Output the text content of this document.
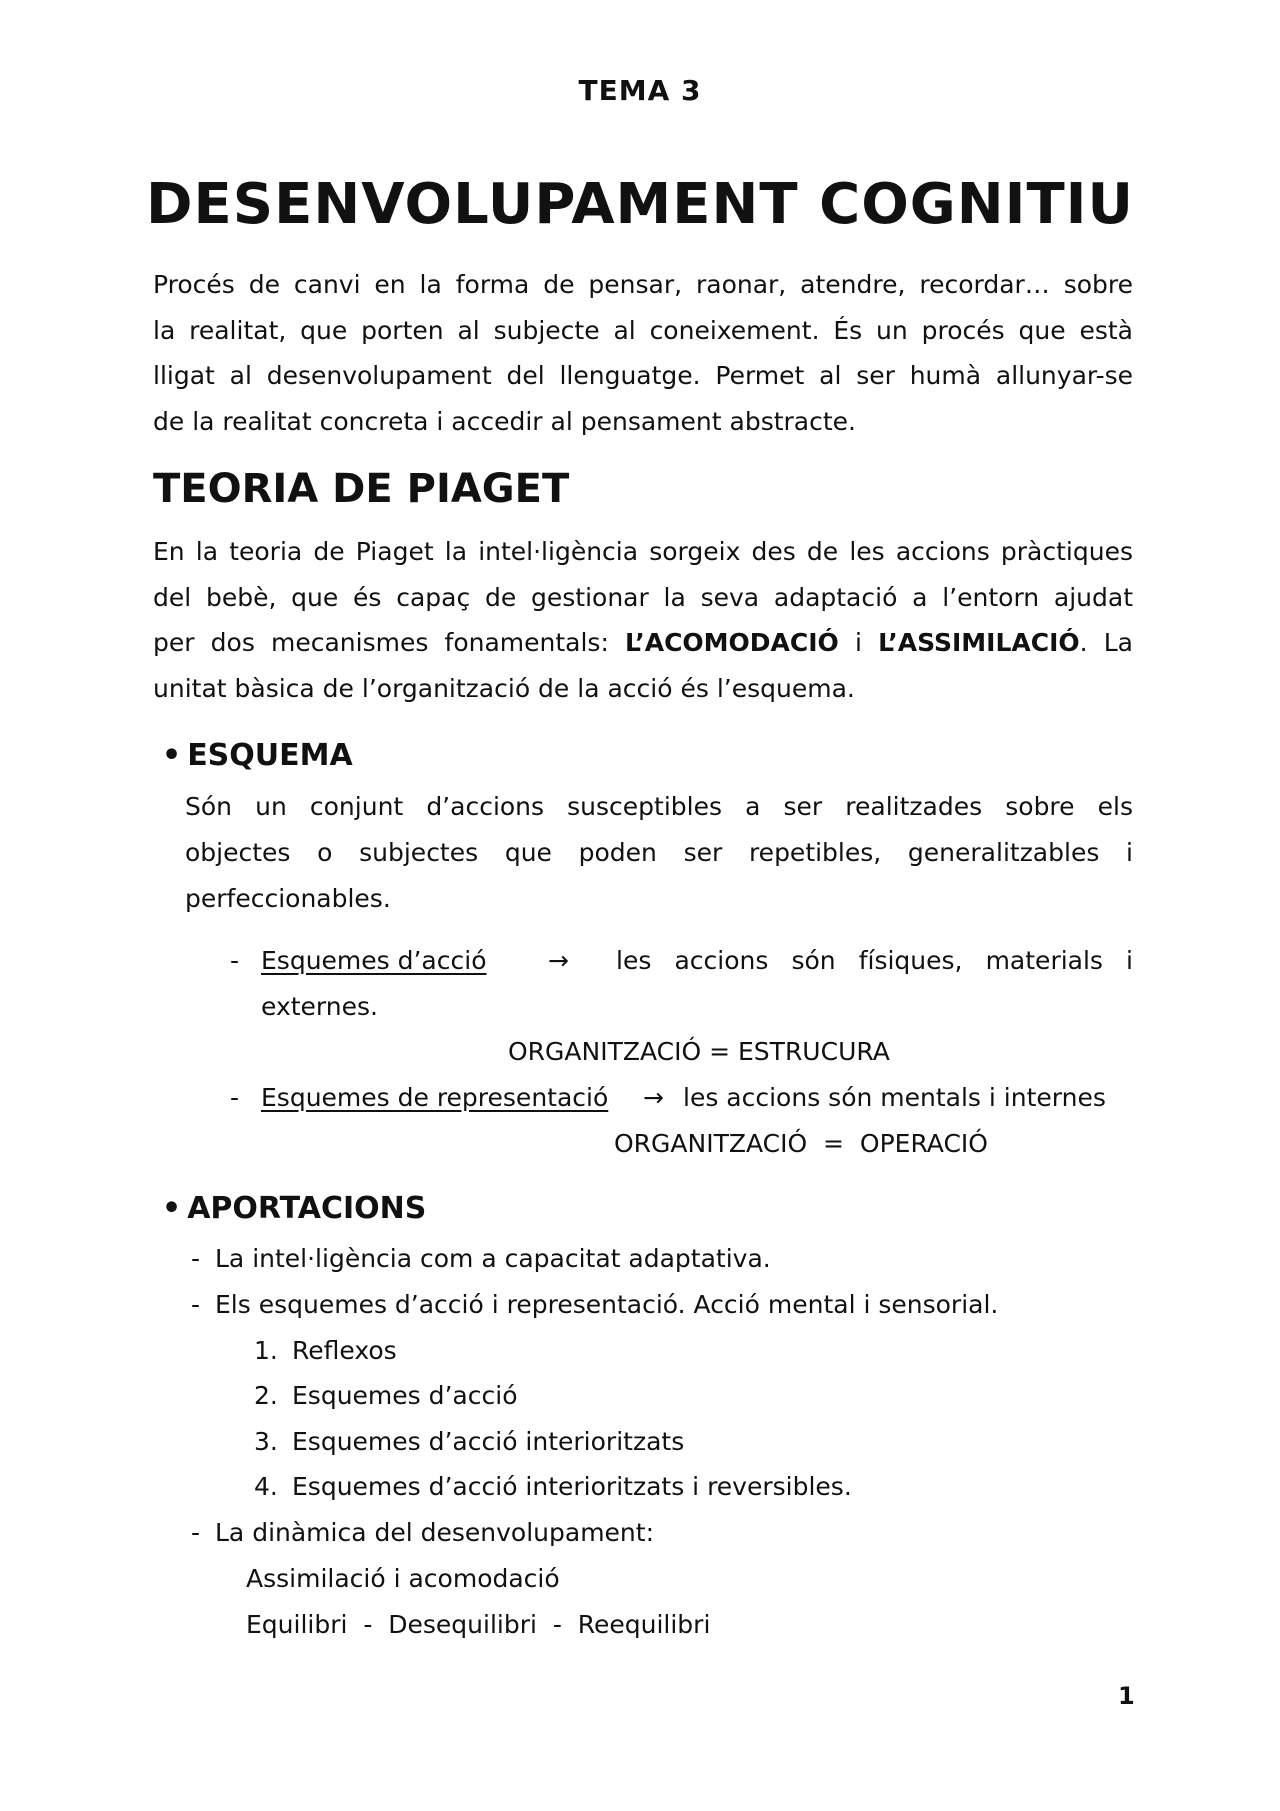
TEMA 3

DESENVOLUPAMENT COGNITIU
Procés de canvi en la forma de pensar, raonar, atendre, recordar… sobre
la realitat, que porten al subjecte al coneixement. És un procés que està
lligat al desenvolupament del llenguatge. Permet al ser humà allunyar-se
de la realitat concreta i accedir al pensament abstracte.
TEORIA DE PIAGET
En la teoria de Piaget la intel·ligència sorgeix des de les accions pràctiques
del bebè, que és capaç de gestionar la seva adaptació a l’entorn ajudat
per dos mecanismes fonamentals: L’ACOMODACIÓ i L’ASSIMILACIÓ. La
unitat bàsica de l’organització de la acció és l’esquema.
• ESQUEMA
Són un conjunt d’accions susceptibles a ser realitzades sobre els
objectes o subjectes que poden ser repetibles, generalitzables i
perfeccionables.
- Esquemes d’acció → les accions són físiques, materials i
externes.
ORGANITZACIÓ = ESTRUCURA
- Esquemes de representació → les accions són mentals i internes
ORGANITZACIÓ  =  OPERACIÓ
• APORTACIONS
- La intel·ligència com a capacitat adaptativa.
- Els esquemes d’acció i representació. Acció mental i sensorial.
1. Reflexos
2. Esquemes d’acció
3. Esquemes d’acció interioritzats
4. Esquemes d’acció interioritzats i reversibles.
- La dinàmica del desenvolupament:
Assimilació i acomodació
Equilibri  -  Desequilibri  -  Reequilibri

1
